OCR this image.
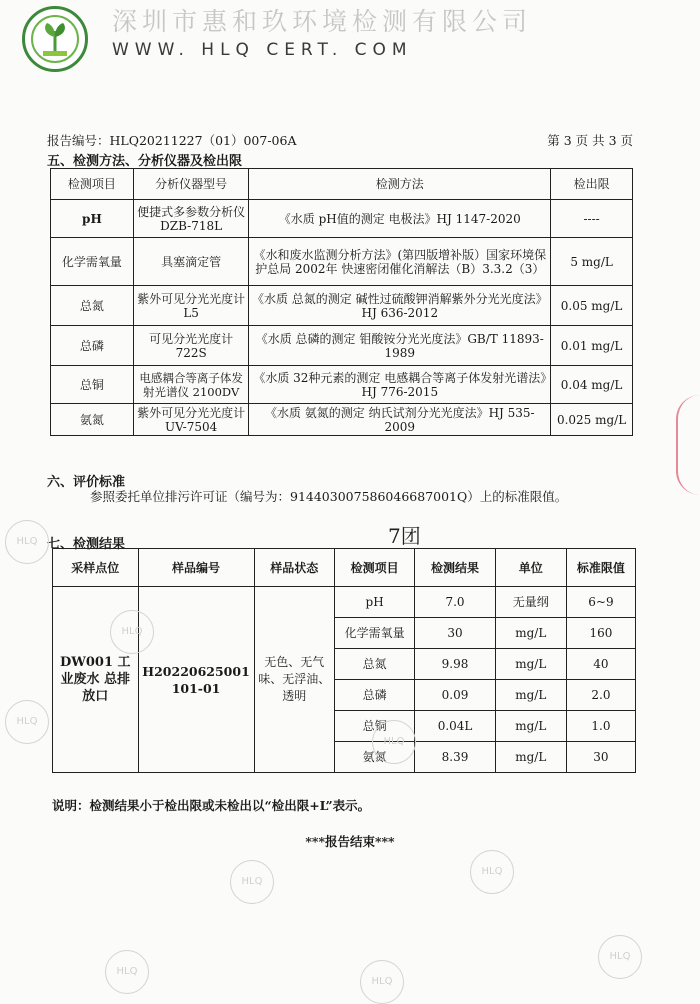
深圳市惠和玖环境检测有限公司
WWW. HLQ CERT. COM
报告编号：HLQ20211227（01）007-06A	第 3 页 共 3 页
五、检测方法、分析仪器及检出限
检测项目	分析仪器型号	检测方法	检出限
pH	便捷式多参数分析仪 DZB-718L	《水质 pH值的测定 电极法》HJ 1147-2020	----
化学需氧量	具塞滴定管	《水和废水监测分析方法》(第四版增补版）国家环境保护总局 2002年 快速密闭催化消解法（B）3.3.2（3）	5 mg/L
总氮	紫外可见分光光度计 L5	《水质 总氮的测定 碱性过硫酸钾消解紫外分光光度法》HJ 636-2012	0.05 mg/L
总磷	可见分光光度计 722S	《水质 总磷的测定 钼酸铵分光光度法》GB/T 11893-1989	0.01 mg/L
总铜	电感耦合等离子体发射光谱仪 2100DV	《水质 32种元素的测定 电感耦合等离子体发射光谱法》HJ 776-2015	0.04 mg/L
氨氮	紫外可见分光光度计 UV-7504	《水质 氨氮的测定 纳氏试剂分光光度法》HJ 535-2009	0.025 mg/L
六、评价标准
参照委托单位排污许可证（编号为：91440300758604668700​1Q）上的标准限值。
七、检测结果	7团
采样点位	样品编号	样品状态	检测项目	检测结果	单位	标准限值
DW001 工业废水 总排放口	H20220625001 101-01	无色、无气味、无浮油、透明	pH	7.0	无量纲	6~9
			化学需氧量	30	mg/L	160
			总氮	9.98	mg/L	40
			总磷	0.09	mg/L	2.0
			总铜	0.04L	mg/L	1.0
			氨氮	8.39	mg/L	30
说明：检测结果小于检出限或未检出以“检出限+L”表示。
***报告结束***
HLQ
HLQ
HLQ
HLQ
HLQ
HLQ
HLQ
HLQ
HLQ
